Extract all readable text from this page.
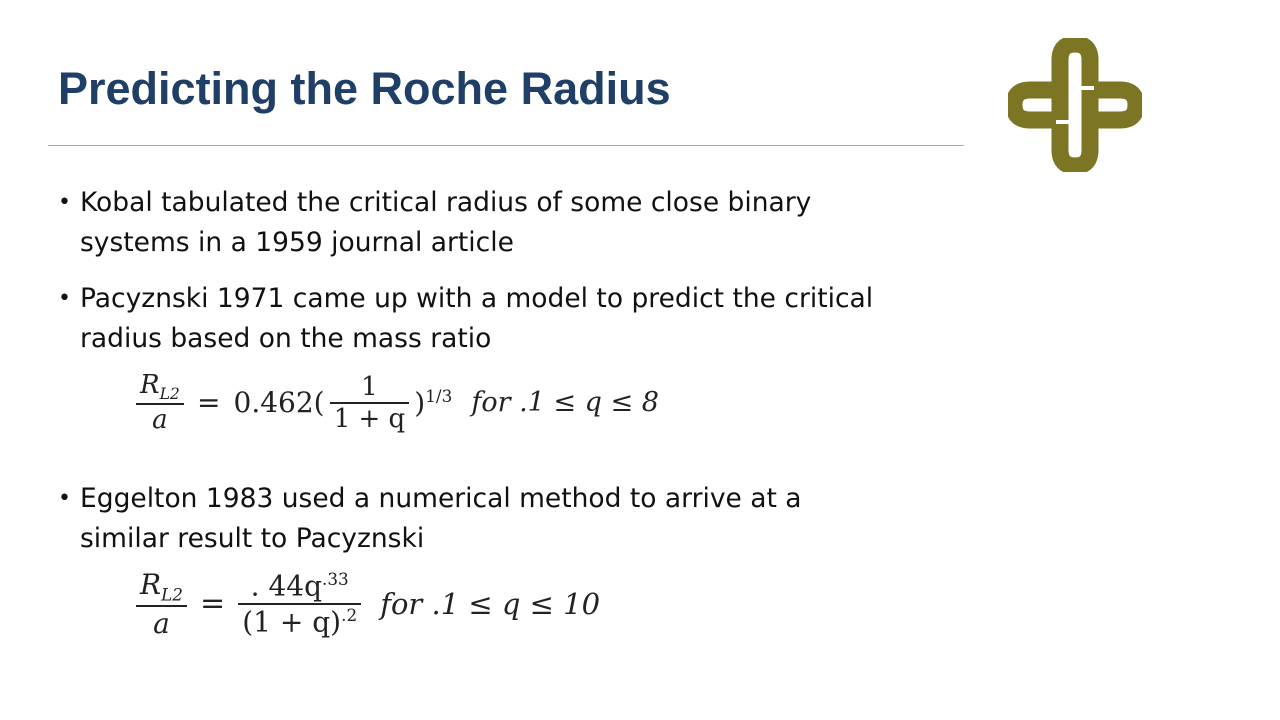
Predicting the Roche Radius
• Kobal tabulated the critical radius of some close binary systems in a 1959 journal article
• Pacyznski 1971 came up with a model to predict the critical radius based on the mass ratio
$\frac{R_{L2}}{a} = 0.462( \frac{1}{1 + q} )^{1/3}$ for .1 ≤ q ≤ 8
• Eggelton 1983 used a numerical method to arrive at a similar result to Pacyznski
$\frac{R_{L2}}{a} = \frac{. 44q^{.33}}{(1 + q)^{.2}}$ for .1 ≤ q ≤ 10
